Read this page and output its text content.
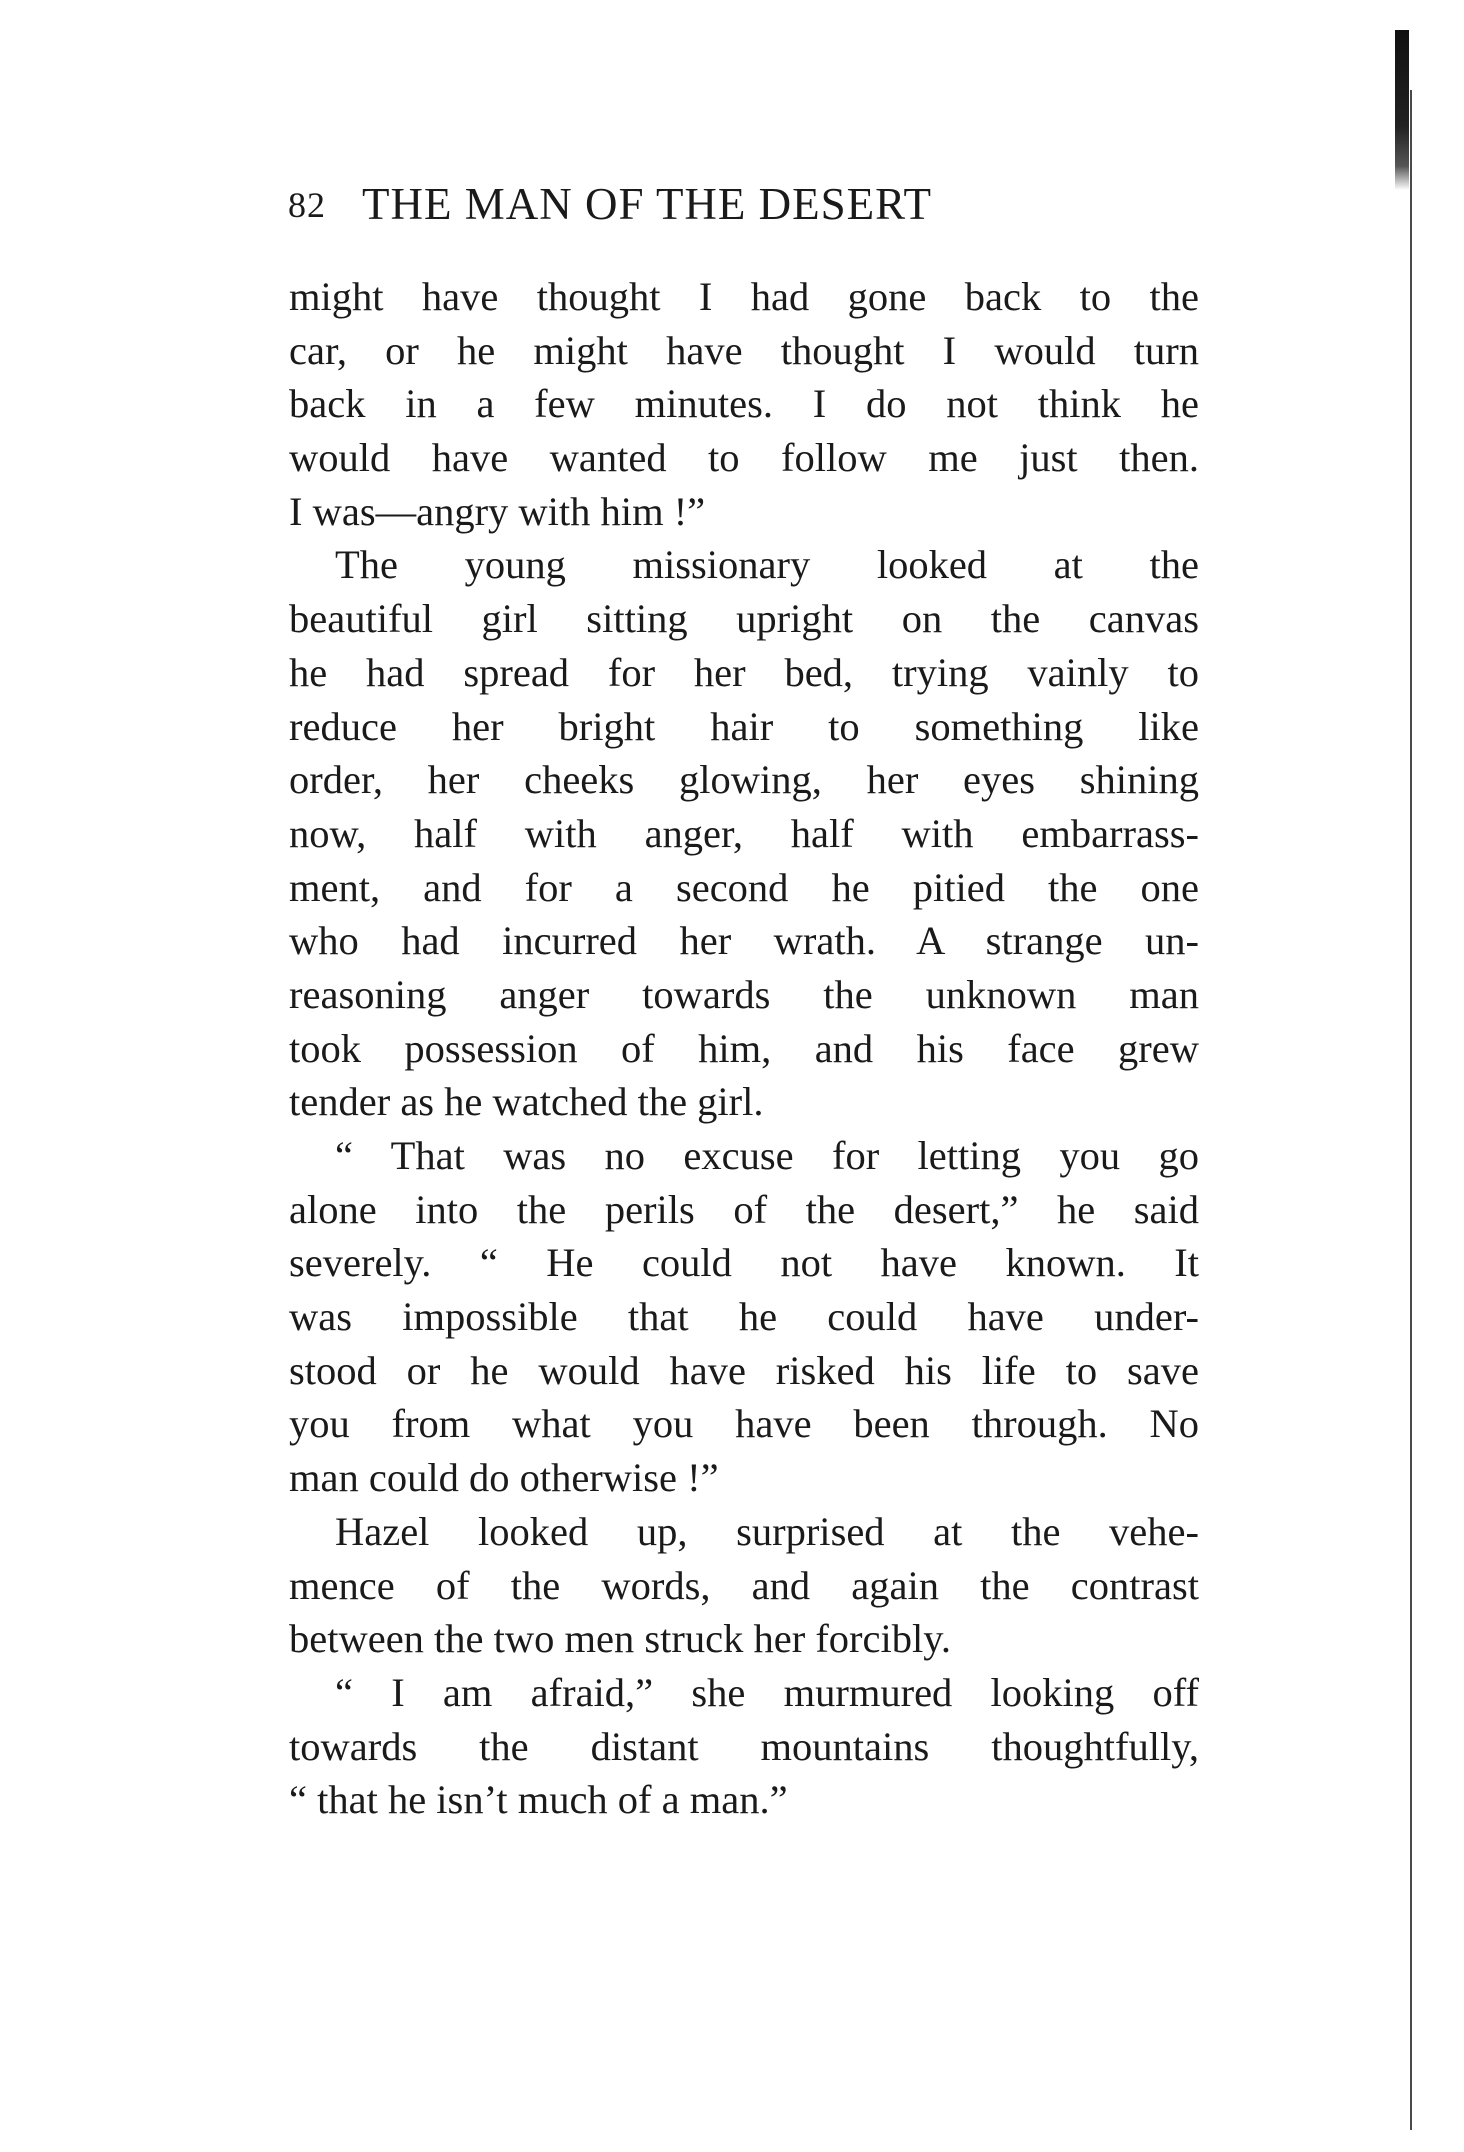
82 THE MAN OF THE DESERT
might have thought I had gone back to the
car, or he might have thought I would turn
back in a few minutes. I do not think he
would have wanted to follow me just then.
I was—angry with him !”
The young missionary looked at the
beautiful girl sitting upright on the canvas
he had spread for her bed, trying vainly to
reduce her bright hair to something like
order, her cheeks glowing, her eyes shining
now, half with anger, half with embarrass-
ment, and for a second he pitied the one
who had incurred her wrath. A strange un-
reasoning anger towards the unknown man
took possession of him, and his face grew
tender as he watched the girl.
“ That was no excuse for letting you go
alone into the perils of the desert,” he said
severely. “ He could not have known. It
was impossible that he could have under-
stood or he would have risked his life to save
you from what you have been through. No
man could do otherwise !”
Hazel looked up, surprised at the vehe-
mence of the words, and again the contrast
between the two men struck her forcibly.
“ I am afraid,” she murmured looking off
towards the distant mountains thoughtfully,
“ that he isn’t much of a man.”
